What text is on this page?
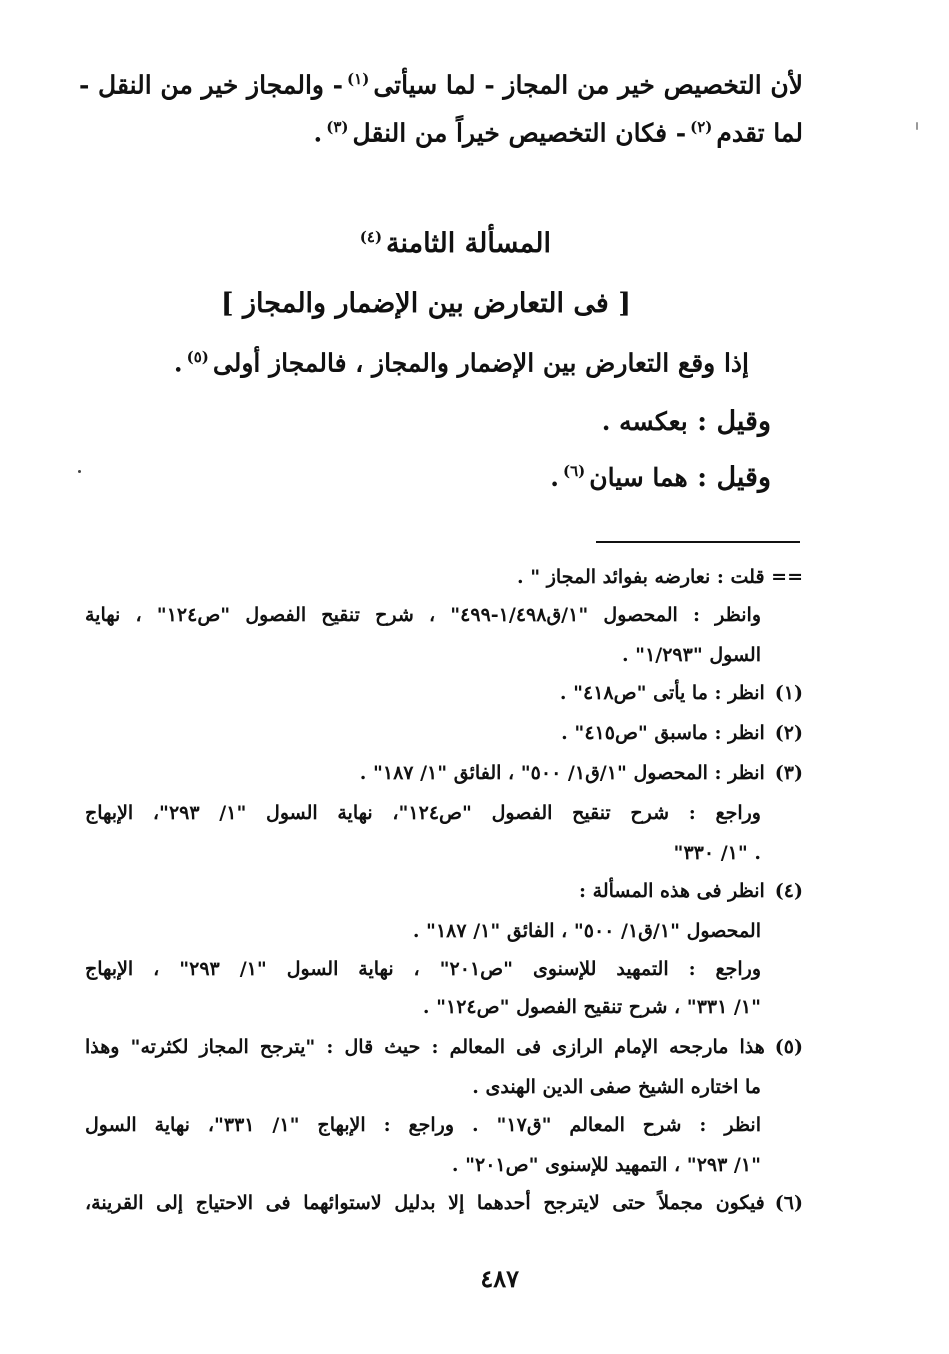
لأن التخصيص خير من المجاز - لما سيأتى$^{(١)}$- والمجاز خير من النقل -
لما تقدم$^{(٢)}$- فكان التخصيص خيراً من النقل$^{(٣)}$.
المسألة الثامنة$^{(٤)}$
[ فى التعارض بين الإضمار والمجاز ]
إذا وقع التعارض بين الإضمار والمجاز ، فالمجاز أولى$^{(٥)}$.
وقيل : بعكسه .
وقيل : هما سيان$^{(٦)}$.
== قلت : نعارضه بفوائد المجاز " .
وانظر : المحصول "١/ق١/٤٩٨-٤٩٩" ، شرح تنقيح الفصول "ص١٢٤" ، نهاية
السول "١/٢٩٣" .
(١)انظر : ما يأتى "ص٤١٨" .
(٢)انظر : ماسبق "ص٤١٥" .
(٣)انظر : المحصول "١/ق١/ ٥٠٠" ، الفائق "١/ ١٨٧" .
وراجع : شرح تنقيح الفصول "ص١٢٤"، نهاية السول "١/ ٢٩٣"، الإبهاج
"١/ ٣٣٠" .
(٤)انظر فى هذه المسألة :
المحصول "١/ق١/ ٥٠٠" ، الفائق "١/ ١٨٧" .
وراجع : التمهيد للإسنوى "ص٢٠١" ، نهاية السول "١/ ٢٩٣" ، الإبهاج
"١/ ٣٣١" ، شرح تنقيح الفصول "ص١٢٤" .
(٥)هذا مارجحه الإمام الرازى فى المعالم : حيث قال : "يترجح المجاز لكثرته" وهذا
ما اختاره الشيخ صفى الدين الهندى .
انظر : شرح المعالم "ق١٧" . وراجع : الإبهاج "١/ ٣٣١"، نهاية السول
"١/ ٢٩٣" ، التمهيد للإسنوى "ص٢٠١" .
(٦)فيكون مجملاً حتى لايترجح أحدهما إلا بدليل لاستوائهما فى الاحتياج إلى القرينة،
٤٨٧
